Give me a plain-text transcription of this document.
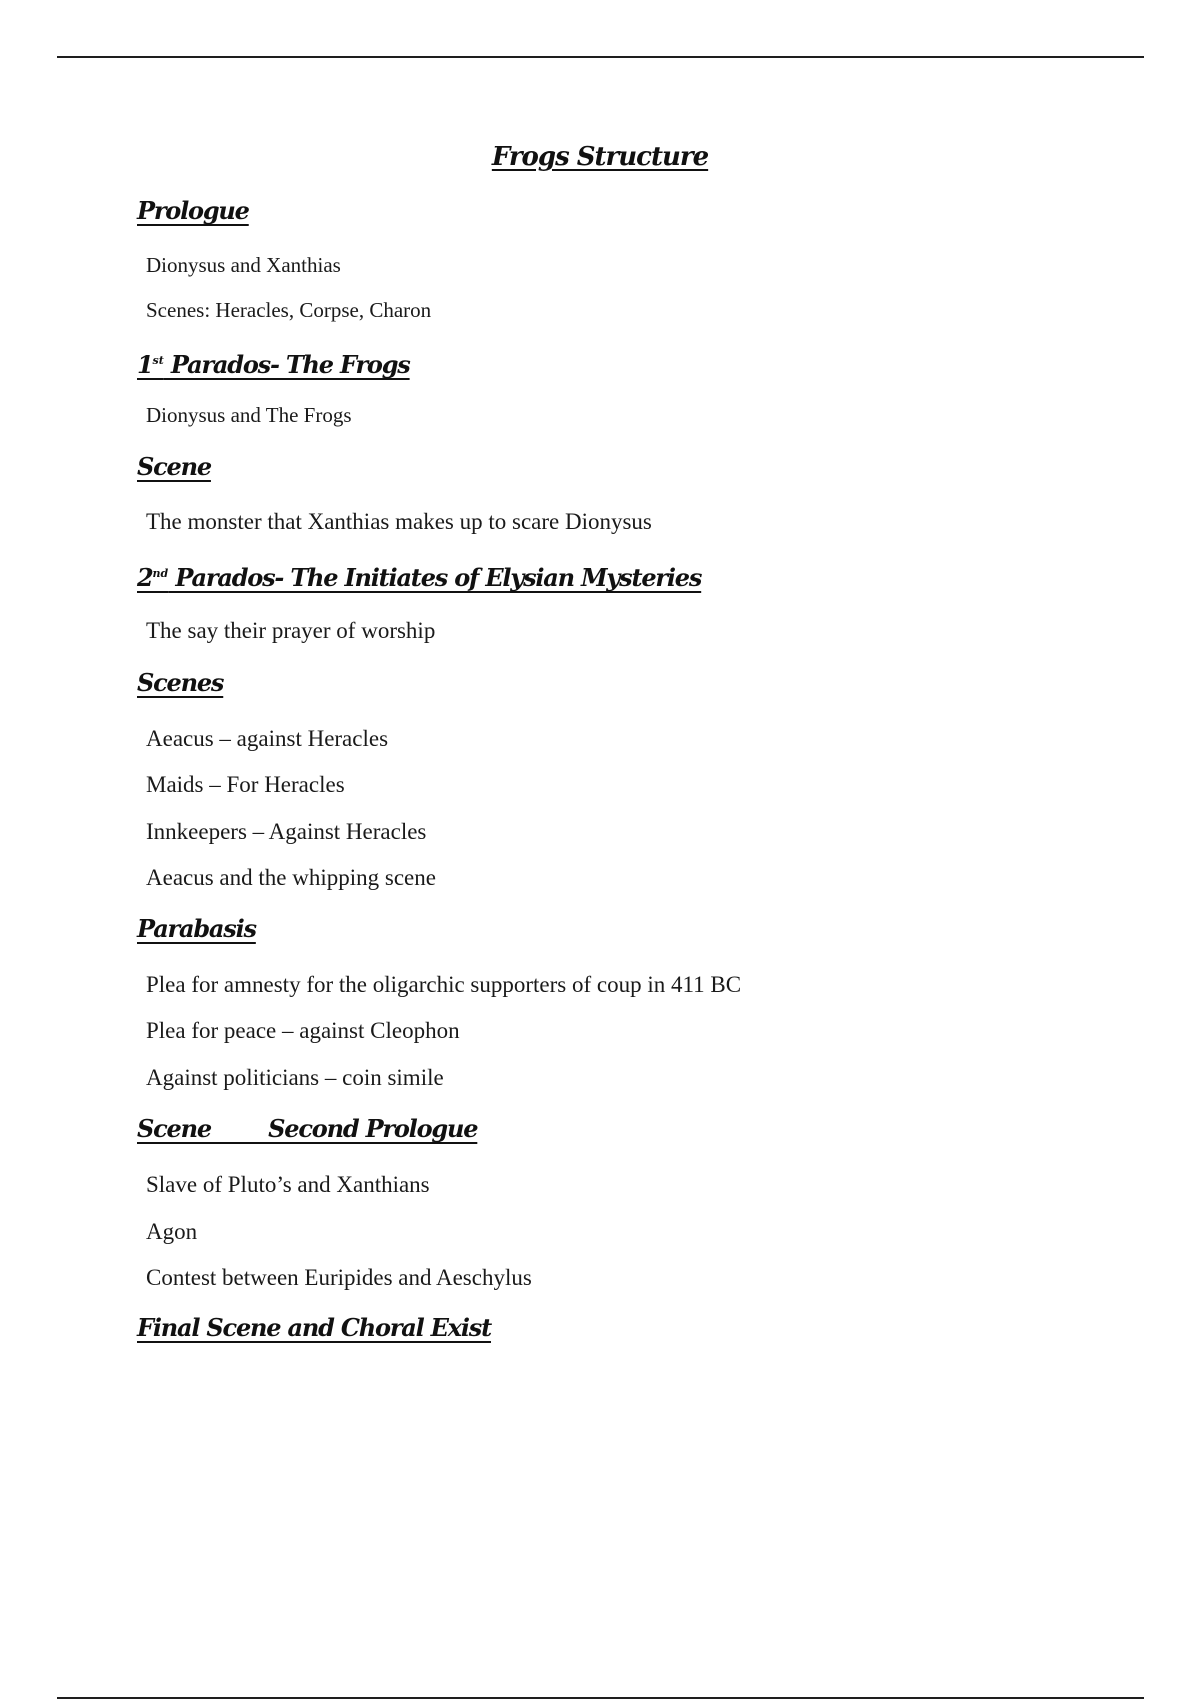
Frogs Structure
Prologue

Dionysus and Xanthias

Scenes: Heracles, Corpse, Charon

1st Parados- The Frogs

Dionysus and The Frogs

Scene

The monster that Xanthias makes up to scare Dionysus

2nd Parados- The Initiates of Elysian Mysteries

The say their prayer of worship

Scenes

Aeacus – against Heracles

Maids – For Heracles

Innkeepers – Against Heracles

Aeacus and the whipping scene

Parabasis

Plea for amnesty for the oligarchic supporters of coup in 411 BC

Plea for peace – against Cleophon

Against politicians – coin simile

Scene        Second Prologue

Slave of Pluto’s and Xanthians

Agon

Contest between Euripides and Aeschylus

Final Scene and Choral Exist
